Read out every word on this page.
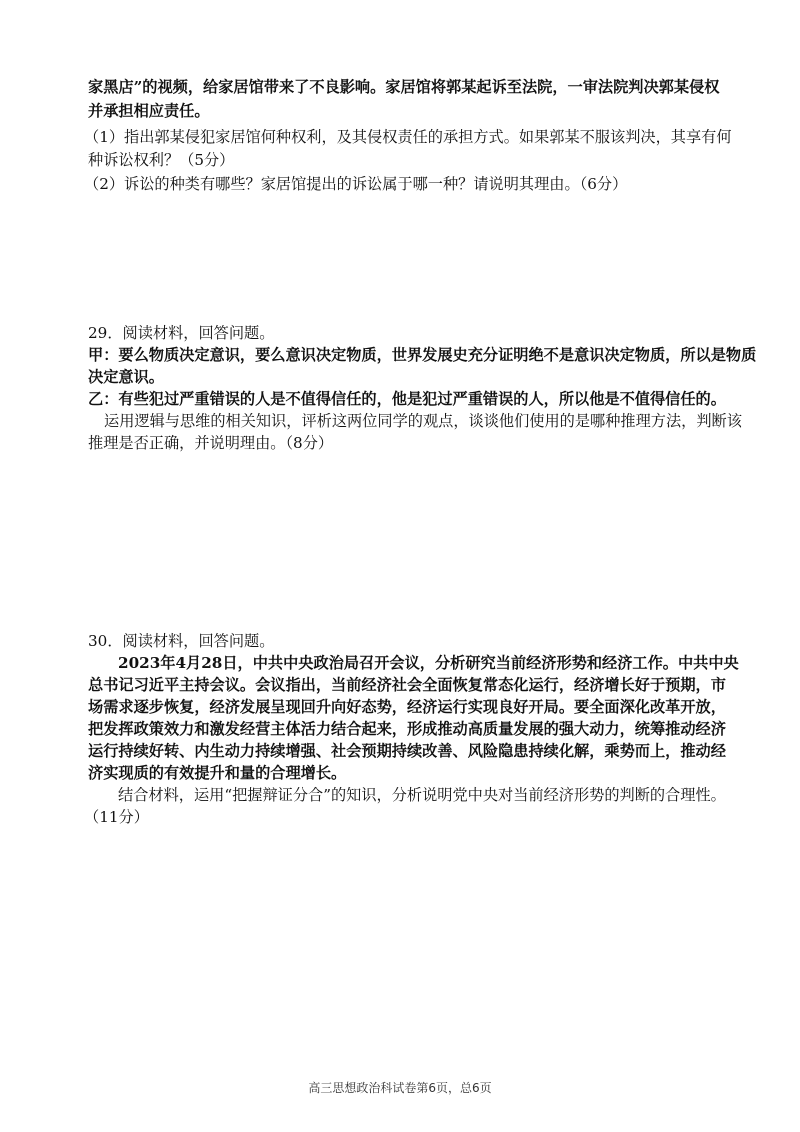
家黑店”的视频，给家居馆带来了不良影响。家居馆将郭某起诉至法院，一审法院判决郭某侵权
并承担相应责任。
（1）指出郭某侵犯家居馆何种权利，及其侵权责任的承担方式。如果郭某不服该判决，其享有何
种诉讼权利？（5分）
（2）诉讼的种类有哪些？家居馆提出的诉讼属于哪一种？请说明其理由。（6分）
29．阅读材料，回答问题。
甲：要么物质决定意识，要么意识决定物质，世界发展史充分证明绝不是意识决定物质，所以是物质
决定意识。
乙：有些犯过严重错误的人是不值得信任的，他是犯过严重错误的人，所以他是不值得信任的。
运用逻辑与思维的相关知识，评析这两位同学的观点，谈谈他们使用的是哪种推理方法，判断该
推理是否正确，并说明理由。（8分）
30．阅读材料，回答问题。
2023年4月28日，中共中央政治局召开会议，分析研究当前经济形势和经济工作。中共中央
总书记习近平主持会议。会议指出，当前经济社会全面恢复常态化运行，经济增长好于预期，市
场需求逐步恢复，经济发展呈现回升向好态势，经济运行实现良好开局。要全面深化改革开放，
把发挥政策效力和激发经营主体活力结合起来，形成推动高质量发展的强大动力，统筹推动经济
运行持续好转、内生动力持续增强、社会预期持续改善、风险隐患持续化解，乘势而上，推动经
济实现质的有效提升和量的合理增长。
结合材料，运用“把握辩证分合”的知识，分析说明党中央对当前经济形势的判断的合理性。
（11分）
高三思想政治科试卷第6页，总6页
